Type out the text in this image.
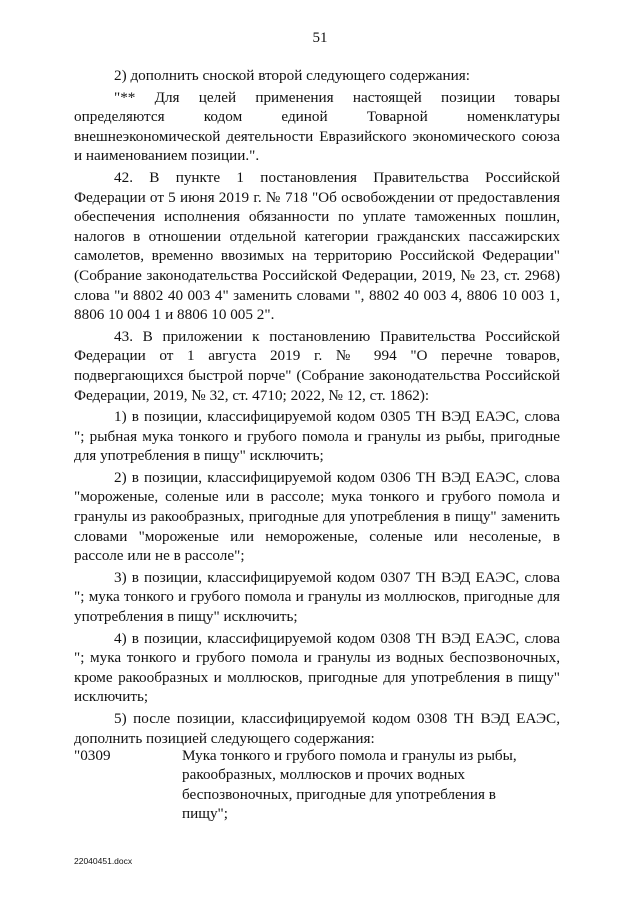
51

2) дополнить сноской второй следующего содержания:

"** Для целей применения настоящей позиции товары определяются кодом единой Товарной номенклатуры внешнеэкономической деятельности Евразийского экономического союза и наименованием позиции.".

42. В пункте 1 постановления Правительства Российской Федерации от 5 июня 2019 г. № 718 "Об освобождении от предоставления обеспечения исполнения обязанности по уплате таможенных пошлин, налогов в отношении отдельной категории гражданских пассажирских самолетов, временно ввозимых на территорию Российской Федерации" (Собрание законодательства Российской Федерации, 2019, № 23, ст. 2968) слова "и 8802 40 003 4" заменить словами ", 8802 40 003 4, 8806 10 003 1, 8806 10 004 1 и 8806 10 005 2".

43. В приложении к постановлению Правительства Российской Федерации от 1 августа 2019 г. № 994 "О перечне товаров, подвергающихся быстрой порче" (Собрание законодательства Российской Федерации, 2019, № 32, ст. 4710; 2022, № 12, ст. 1862):

1) в позиции, классифицируемой кодом 0305 ТН ВЭД ЕАЭС, слова "; рыбная мука тонкого и грубого помола и гранулы из рыбы, пригодные для употребления в пищу" исключить;

2) в позиции, классифицируемой кодом 0306 ТН ВЭД ЕАЭС, слова "мороженые, соленые или в рассоле; мука тонкого и грубого помола и гранулы из ракообразных, пригодные для употребления в пищу" заменить словами "мороженые или немороженые, соленые или несоленые, в рассоле или не в рассоле";

3) в позиции, классифицируемой кодом 0307 ТН ВЭД ЕАЭС, слова "; мука тонкого и грубого помола и гранулы из моллюсков, пригодные для употребления в пищу" исключить;

4) в позиции, классифицируемой кодом 0308 ТН ВЭД ЕАЭС, слова "; мука тонкого и грубого помола и гранулы из водных беспозвоночных, кроме ракообразных и моллюсков, пригодные для употребления в пищу" исключить;

5) после позиции, классифицируемой кодом 0308 ТН ВЭД ЕАЭС, дополнить позицией следующего содержания:

"0309	Мука тонкого и грубого помола и гранулы из рыбы, ракообразных, моллюсков и прочих водных беспозвоночных, пригодные для употребления в пищу";
22040451.docx
